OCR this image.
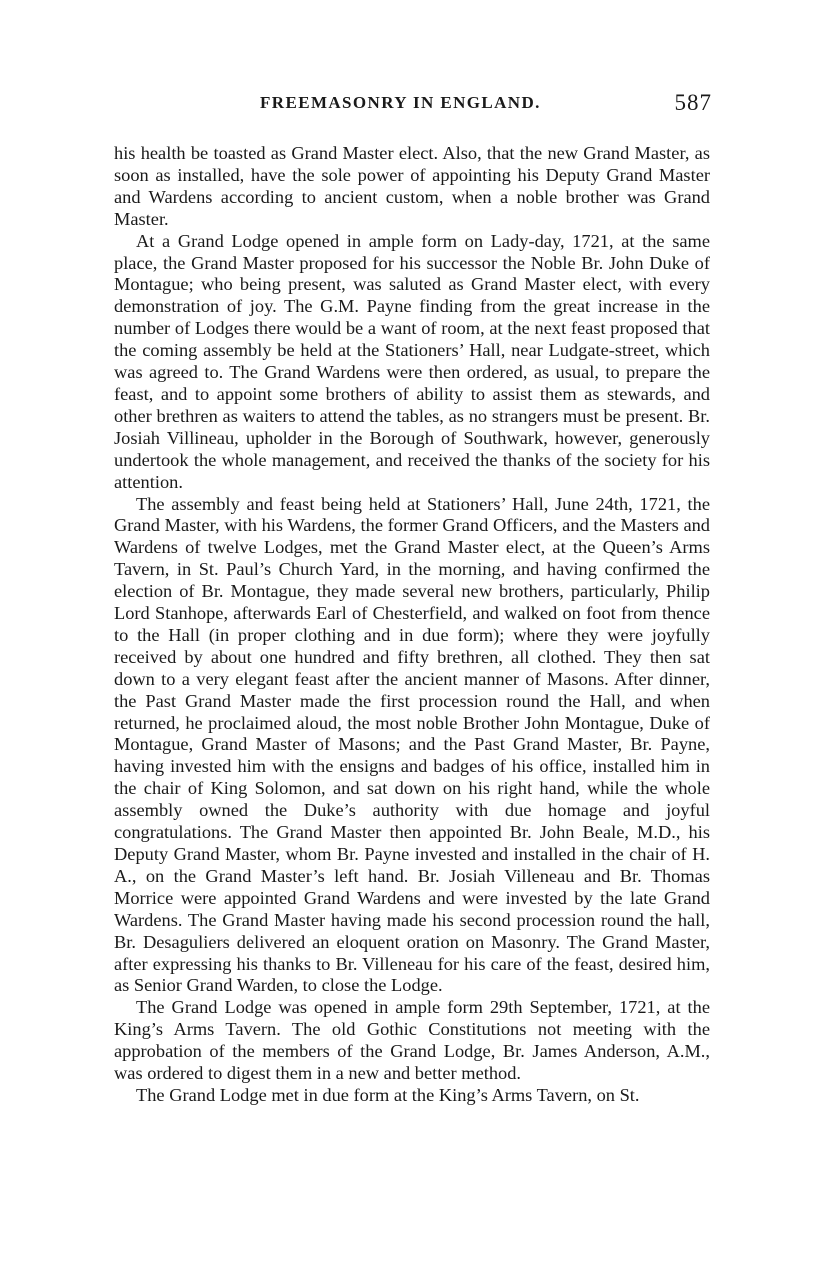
FREEMASONRY IN ENGLAND.	587

his health be toasted as Grand Master elect. Also, that the new Grand Master, as soon as installed, have the sole power of appointing his Deputy Grand Master and Wardens according to ancient custom, when a noble brother was Grand Master.

At a Grand Lodge opened in ample form on Lady-day, 1721, at the same place, the Grand Master proposed for his successor the Noble Br. John Duke of Montague; who being present, was saluted as Grand Master elect, with every demonstration of joy. The G.M. Payne finding from the great increase in the number of Lodges there would be a want of room, at the next feast proposed that the coming assembly be held at the Stationers’ Hall, near Ludgate-street, which was agreed to. The Grand Wardens were then ordered, as usual, to prepare the feast, and to appoint some brothers of ability to assist them as stewards, and other brethren as waiters to attend the tables, as no strangers must be present. Br. Josiah Villineau, upholder in the Borough of Southwark, however, generously undertook the whole management, and received the thanks of the society for his attention.

The assembly and feast being held at Stationers’ Hall, June 24th, 1721, the Grand Master, with his Wardens, the former Grand Officers, and the Masters and Wardens of twelve Lodges, met the Grand Master elect, at the Queen’s Arms Tavern, in St. Paul’s Church Yard, in the morning, and having confirmed the election of Br. Montague, they made several new brothers, particularly, Philip Lord Stanhope, afterwards Earl of Chesterfield, and walked on foot from thence to the Hall (in proper clothing and in due form); where they were joyfully received by about one hundred and fifty brethren, all clothed. They then sat down to a very elegant feast after the ancient manner of Masons. After dinner, the Past Grand Master made the first procession round the Hall, and when returned, he proclaimed aloud, the most noble Brother John Montague, Duke of Montague, Grand Master of Masons; and the Past Grand Master, Br. Payne, having invested him with the ensigns and badges of his office, installed him in the chair of King Solomon, and sat down on his right hand, while the whole assembly owned the Duke’s authority with due homage and joyful congratulations. The Grand Master then appointed Br. John Beale, M.D., his Deputy Grand Master, whom Br. Payne invested and installed in the chair of H. A., on the Grand Master’s left hand. Br. Josiah Villeneau and Br. Thomas Morrice were appointed Grand Wardens and were invested by the late Grand Wardens. The Grand Master having made his second procession round the hall, Br. Desaguliers delivered an eloquent oration on Masonry. The Grand Master, after expressing his thanks to Br. Villeneau for his care of the feast, desired him, as Senior Grand Warden, to close the Lodge.

The Grand Lodge was opened in ample form 29th September, 1721, at the King’s Arms Tavern. The old Gothic Constitutions not meeting with the approbation of the members of the Grand Lodge, Br. James Anderson, A.M., was ordered to digest them in a new and better method.

The Grand Lodge met in due form at the King’s Arms Tavern, on St.
